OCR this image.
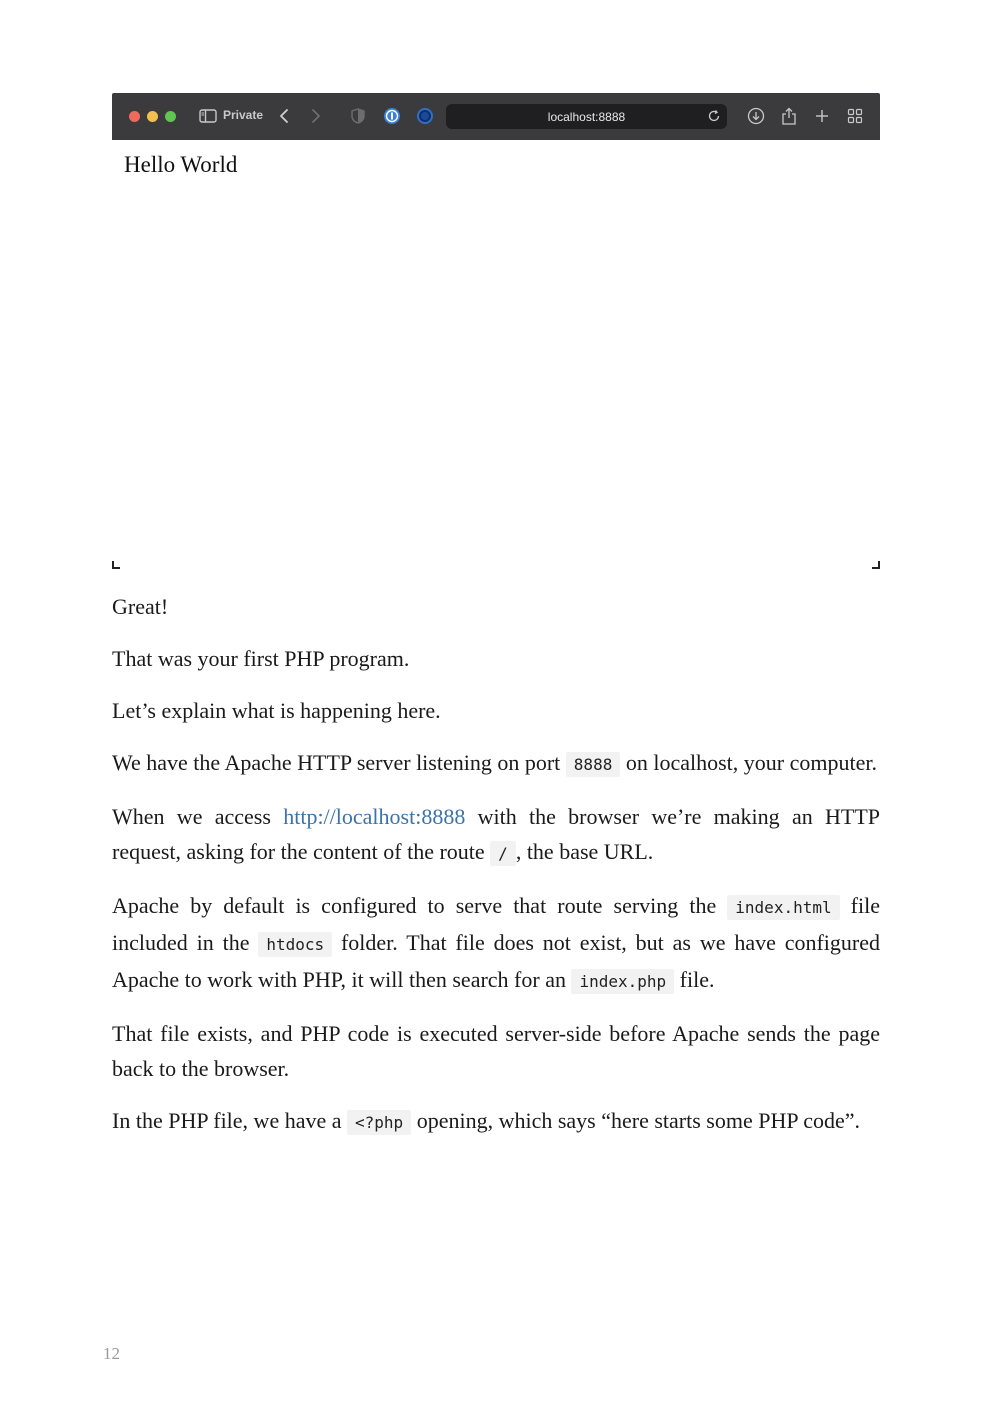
Private	localhost:8888
Hello World

Great!

That was your first PHP program.

Let’s explain what is happening here.

We have the Apache HTTP server listening on port 8888 on localhost, your computer.

When we access http://localhost:8888 with the browser we’re making an HTTP request, asking for the content of the route / , the base URL.

Apache by default is configured to serve that route serving the index.html file included in the htdocs folder. That file does not exist, but as we have configured Apache to work with PHP, it will then search for an index.php file.

That file exists, and PHP code is executed server-side before Apache sends the page back to the browser.

In the PHP file, we have a <?php opening, which says “here starts some PHP code”.

12
